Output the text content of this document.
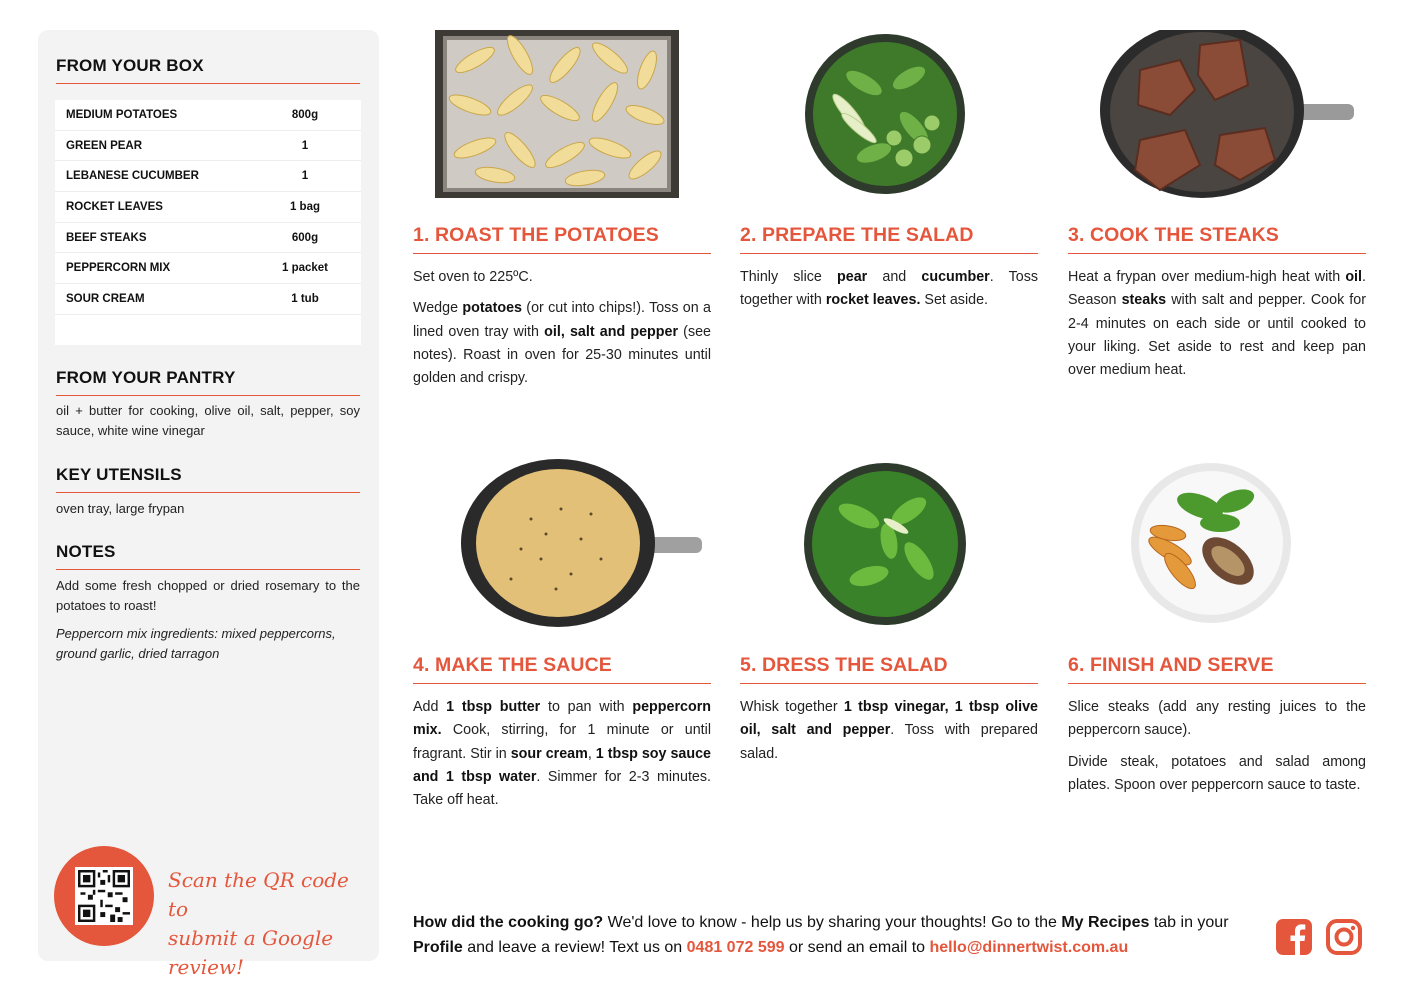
FROM YOUR BOX
MEDIUM POTATOES	800g
GREEN PEAR	1
LEBANESE CUCUMBER	1
ROCKET LEAVES	1 bag
BEEF STEAKS	600g
PEPPERCORN MIX	1 packet
SOUR CREAM	1 tub
FROM YOUR PANTRY
oil + butter for cooking, olive oil, salt, pepper, soy sauce, white wine vinegar
KEY UTENSILS
oven tray, large frypan
NOTES
Add some fresh chopped or dried rosemary to the potatoes to roast!
Peppercorn mix ingredients: mixed peppercorns, ground garlic, dried tarragon
Scan the QR code to
submit a Google review!
1. ROAST THE POTATOES

Set oven to 225ºC.

Wedge potatoes (or cut into chips!). Toss on a lined oven tray with oil, salt and pepper (see notes). Roast in oven for 25-30 minutes until golden and crispy.

2. PREPARE THE SALAD

Thinly slice pear and cucumber. Toss together with rocket leaves. Set aside.

3. COOK THE STEAKS

Heat a frypan over medium-high heat with oil. Season steaks with salt and pepper. Cook for 2-4 minutes on each side or until cooked to your liking. Set aside to rest and keep pan over medium heat.

4. MAKE THE SAUCE

Add 1 tbsp butter to pan with peppercorn mix. Cook, stirring, for 1 minute or until fragrant. Stir in sour cream, 1 tbsp soy sauce and 1 tbsp water. Simmer for 2-3 minutes. Take off heat.

5. DRESS THE SALAD

Whisk together 1 tbsp vinegar, 1 tbsp olive oil, salt and pepper. Toss with prepared salad.

6. FINISH AND SERVE

Slice steaks (add any resting juices to the peppercorn sauce).

Divide steak, potatoes and salad among plates. Spoon over peppercorn sauce to taste.

How did the cooking go? We'd love to know - help us by sharing your thoughts! Go to the My Recipes tab in your Profile and leave a review! Text us on 0481 072 599 or send an email to hello@dinnertwist.com.au
